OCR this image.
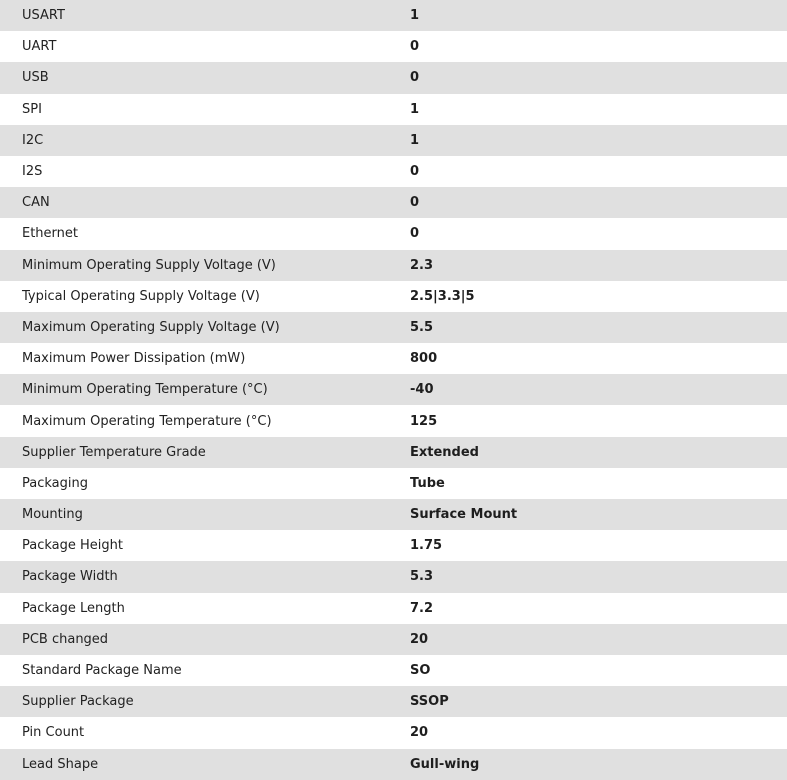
USART	1
UART	0
USB	0
SPI	1
I2C	1
I2S	0
CAN	0
Ethernet	0
Minimum Operating Supply Voltage (V)	2.3
Typical Operating Supply Voltage (V)	2.5|3.3|5
Maximum Operating Supply Voltage (V)	5.5
Maximum Power Dissipation (mW)	800
Minimum Operating Temperature (°C)	-40
Maximum Operating Temperature (°C)	125
Supplier Temperature Grade	Extended
Packaging	Tube
Mounting	Surface Mount
Package Height	1.75
Package Width	5.3
Package Length	7.2
PCB changed	20
Standard Package Name	SO
Supplier Package	SSOP
Pin Count	20
Lead Shape	Gull-wing
